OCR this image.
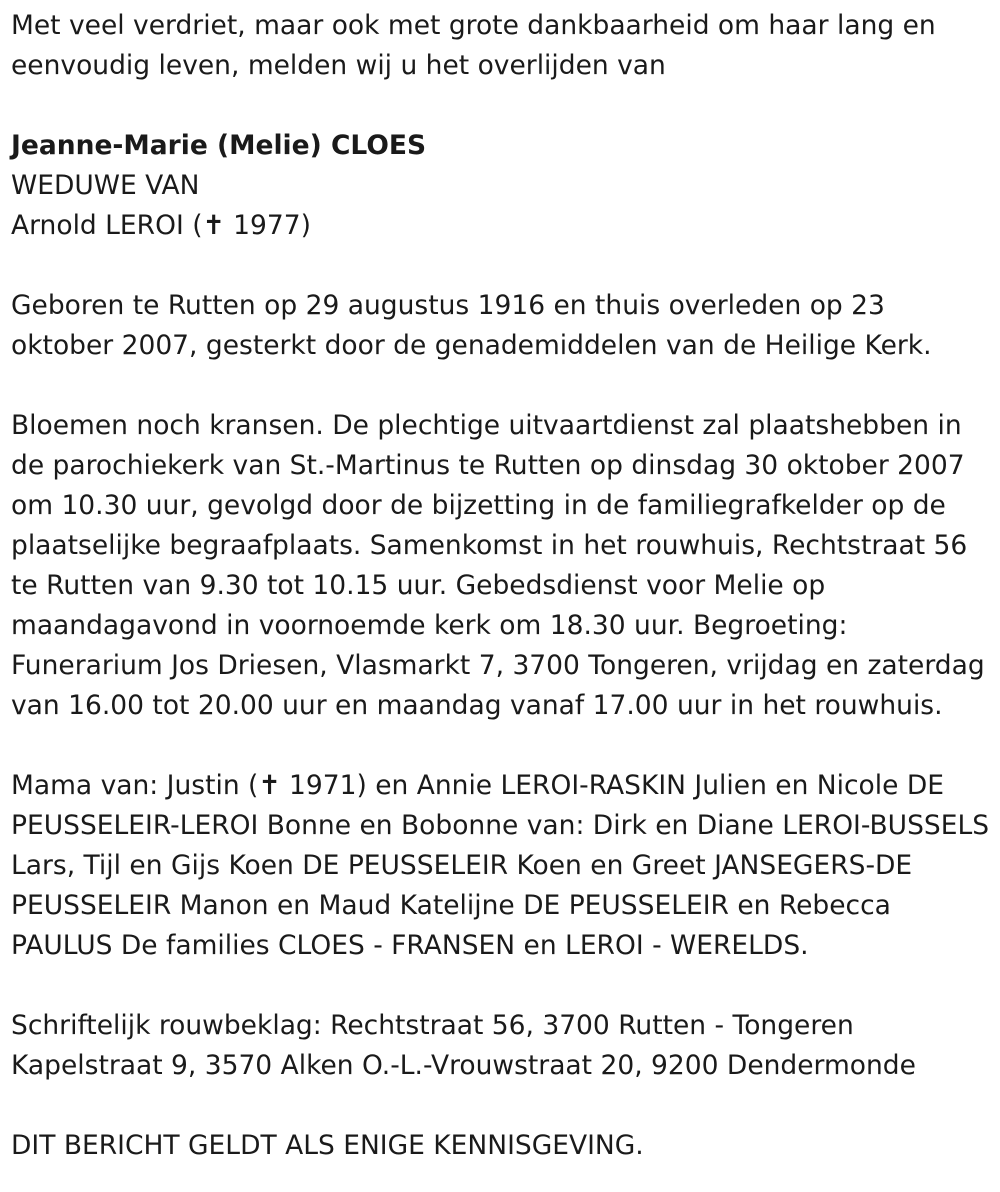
Met veel verdriet, maar ook met grote dankbaarheid om haar lang en eenvoudig leven, melden wij u het overlijden van

Jeanne-Marie (Melie) CLOES

WEDUWE VAN

Arnold LEROI (✝ 1977)

Geboren te Rutten op 29 augustus 1916 en thuis overleden op 23 oktober 2007, gesterkt door de genademiddelen van de Heilige Kerk.

Bloemen noch kransen. De plechtige uitvaartdienst zal plaatshebben in de parochiekerk van St.-Martinus te Rutten op dinsdag 30 oktober 2007 om 10.30 uur, gevolgd door de bijzetting in de familiegrafkelder op de plaatselijke begraafplaats. Samenkomst in het rouwhuis, Rechtstraat 56 te Rutten van 9.30 tot 10.15 uur. Gebedsdienst voor Melie op maandagavond in voornoemde kerk om 18.30 uur. Begroeting: Funerarium Jos Driesen, Vlasmarkt 7, 3700 Tongeren, vrijdag en zaterdag van 16.00 tot 20.00 uur en maandag vanaf 17.00 uur in het rouwhuis.

Mama van: Justin (✝ 1971) en Annie LEROI-RASKIN Julien en Nicole DE PEUSSELEIR-LEROI Bonne en Bobonne van: Dirk en Diane LEROI-BUSSELS Lars, Tijl en Gijs Koen DE PEUSSELEIR Koen en Greet JANSEGERS-DE PEUSSELEIR Manon en Maud Katelijne DE PEUSSELEIR en Rebecca PAULUS De families CLOES - FRANSEN en LEROI - WERELDS.

Schriftelijk rouwbeklag: Rechtstraat 56, 3700 Rutten - Tongeren

Kapelstraat 9, 3570 Alken O.-L.-Vrouwstraat 20, 9200 Dendermonde

DIT BERICHT GELDT ALS ENIGE KENNISGEVING.
